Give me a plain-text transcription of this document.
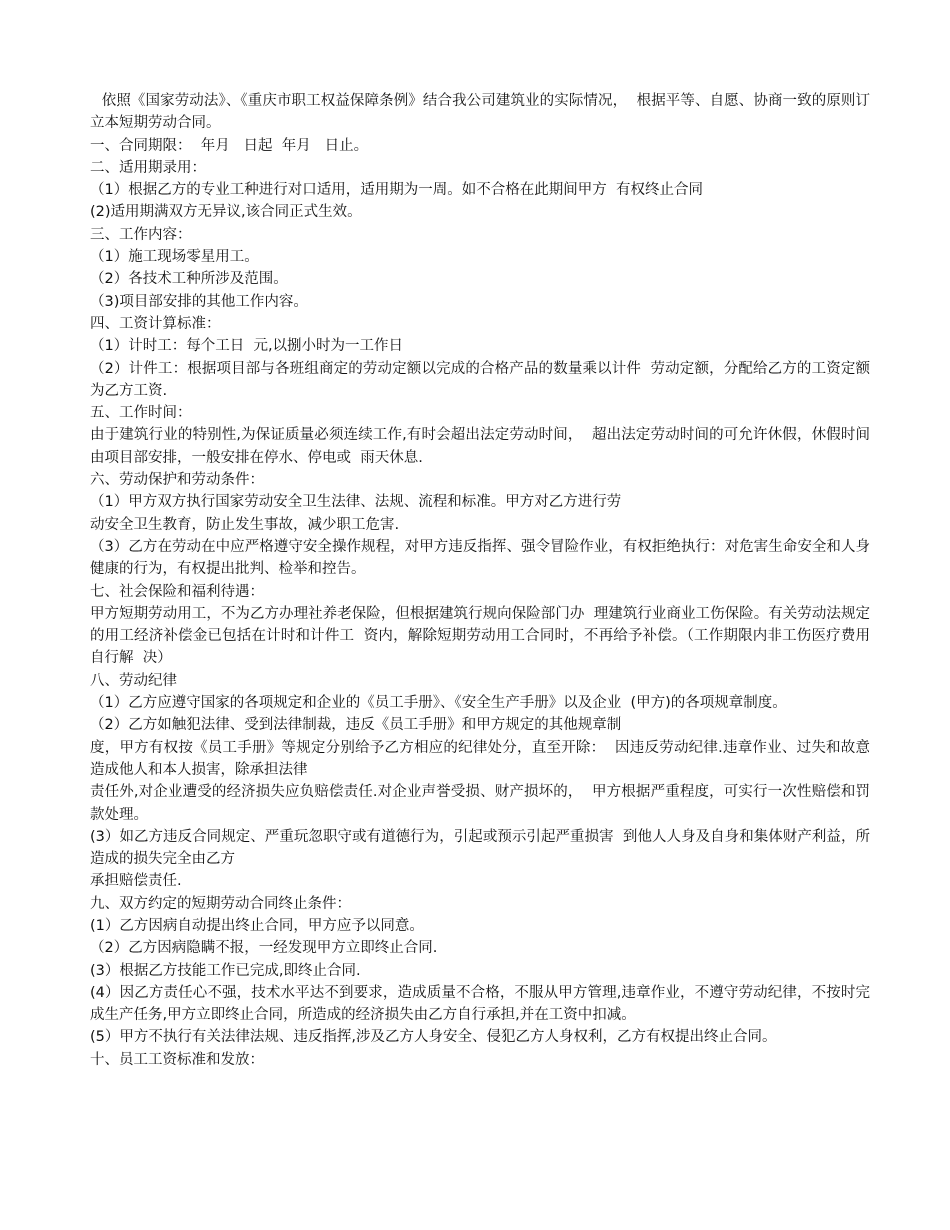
依照《国家劳动法》、《重庆市职工权益保障条例》结合我公司建筑业的实际情况，  根据平等、自愿、协商一致的原则订立本短期劳动合同。

一、合同期限：  年月   日起  年月   日止。

二、适用期录用：

（1）根据乙方的专业工种进行对口适用，适用期为一周。如不合格在此期间甲方  有权终止合同

(2)适用期满双方无异议,该合同正式生效。

三、工作内容：

（1）施工现场零星用工。

（2）各技术工种所涉及范围。

（3)项目部安排的其他工作内容。

四、工资计算标准：

（1）计时工：每个工日  元,以捌小时为一工作日

（2）计件工：根据项目部与各班组商定的劳动定额以完成的合格产品的数量乘以计件  劳动定额，分配给乙方的工资定额为乙方工资.

五、工作时间：

由于建筑行业的特别性,为保证质量必须连续工作,有时会超出法定劳动时间，  超出法定劳动时间的可允许休假，休假时间由项目部安排，一般安排在停水、停电或  雨天休息.

六、劳动保护和劳动条件：

（1）甲方双方执行国家劳动安全卫生法律、法规、流程和标准。甲方对乙方进行劳

动安全卫生教育，防止发生事故，减少职工危害.

（3）乙方在劳动在中应严格遵守安全操作规程，对甲方违反指挥、强令冒险作业，有权拒绝执行：对危害生命安全和人身健康的行为，有权提出批判、检举和控告。

七、社会保险和福利待遇：

甲方短期劳动用工，不为乙方办理社养老保险，但根据建筑行规向保险部门办  理建筑行业商业工伤保险。有关劳动法规定的用工经济补偿金已包括在计时和计件工  资内，解除短期劳动用工合同时，不再给予补偿。（工作期限内非工伤医疗费用自行解  决）

八、劳动纪律

（1）乙方应遵守国家的各项规定和企业的《员工手册》、《安全生产手册》以及企业  (甲方)的各项规章制度。

（2）乙方如触犯法律、受到法律制裁，违反《员工手册》和甲方规定的其他规章制

度，甲方有权按《员工手册》等规定分别给予乙方相应的纪律处分，直至开除：  因违反劳动纪律.违章作业、过失和故意造成他人和本人损害，除承担法律

责任外,对企业遭受的经济损失应负赔偿责任.对企业声誉受损、财产损坏的，  甲方根据严重程度，可实行一次性赔偿和罚款处理。

(3）如乙方违反合同规定、严重玩忽职守或有道德行为，引起或预示引起严重损害  到他人人身及自身和集体财产利益，所造成的损失完全由乙方

承担赔偿责任.

九、双方约定的短期劳动合同终止条件：

(1）乙方因病自动提出终止合同，甲方应予以同意。

（2）乙方因病隐瞒不报，一经发现甲方立即终止合同.

(3）根据乙方技能工作已完成,即终止合同.

(4）因乙方责任心不强，技术水平达不到要求，造成质量不合格，不服从甲方管理,违章作业，不遵守劳动纪律，不按时完成生产任务,甲方立即终止合同，所造成的经济损失由乙方自行承担,并在工资中扣减。

(5）甲方不执行有关法律法规、违反指挥,涉及乙方人身安全、侵犯乙方人身权利，乙方有权提出终止合同。

十、员工工资标准和发放：
